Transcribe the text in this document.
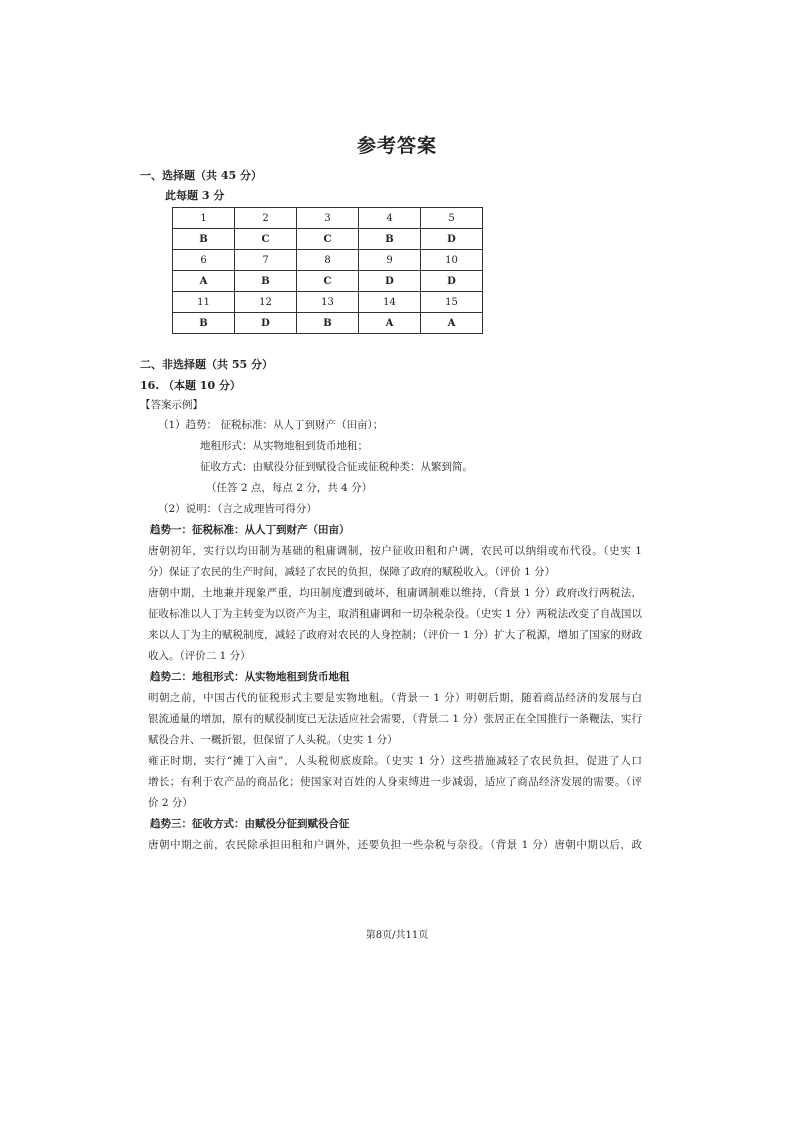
参考答案
一、选择题（共 45 分）
此每题 3 分
1	2	3	4	5
B	C	C	B	D
6	7	8	9	10
A	B	C	D	D
11	12	13	14	15
B	D	B	A	A
二、非选择题（共 55 分）
16. （本题 10 分）
【答案示例】
（1）趋势： 征税标准：从人丁到财产（田亩）；
地租形式：从实物地租到货币地租；
征收方式：由赋役分征到赋役合征或征税种类：从繁到简。
（任答 2 点，每点 2 分，共 4 分）
（2）说明：（言之成理皆可得分）
趋势一：征税标准：从人丁到财产（田亩）
唐朝初年，实行以均田制为基础的租庸调制，按户征收田租和户调，农民可以纳绢或布代役。（史实 1
分）保证了农民的生产时间，减轻了农民的负担，保障了政府的赋税收入。（评价 1 分）
唐朝中期，土地兼并现象严重，均田制度遭到破坏，租庸调制难以维持，（背景 1 分）政府改行两税法，
征收标准以人丁为主转变为以资产为主，取消租庸调和一切杂税杂役。（史实 1 分）两税法改变了自战国以
来以人丁为主的赋税制度，减轻了政府对农民的人身控制；（评价一 1 分）扩大了税源，增加了国家的财政
收入。（评价二 1 分）
趋势二：地租形式：从实物地租到货币地租
明朝之前，中国古代的征税形式主要是实物地租。（背景一 1 分）明朝后期，随着商品经济的发展与白
银流通量的增加，原有的赋役制度已无法适应社会需要，（背景二 1 分）张居正在全国推行一条鞭法，实行
赋役合并、一概折银，但保留了人头税。（史实 1 分）
雍正时期，实行“摊丁入亩”，人头税彻底废除。（史实 1 分）这些措施减轻了农民负担，促进了人口
增长；有利于农产品的商品化；使国家对百姓的人身束缚进一步减弱，适应了商品经济发展的需要。（评
价 2 分）
趋势三：征收方式：由赋役分征到赋役合征
唐朝中期之前，农民除承担田租和户调外，还要负担一些杂税与杂役。（背景 1 分）唐朝中期以后，政
第8页/共11页
